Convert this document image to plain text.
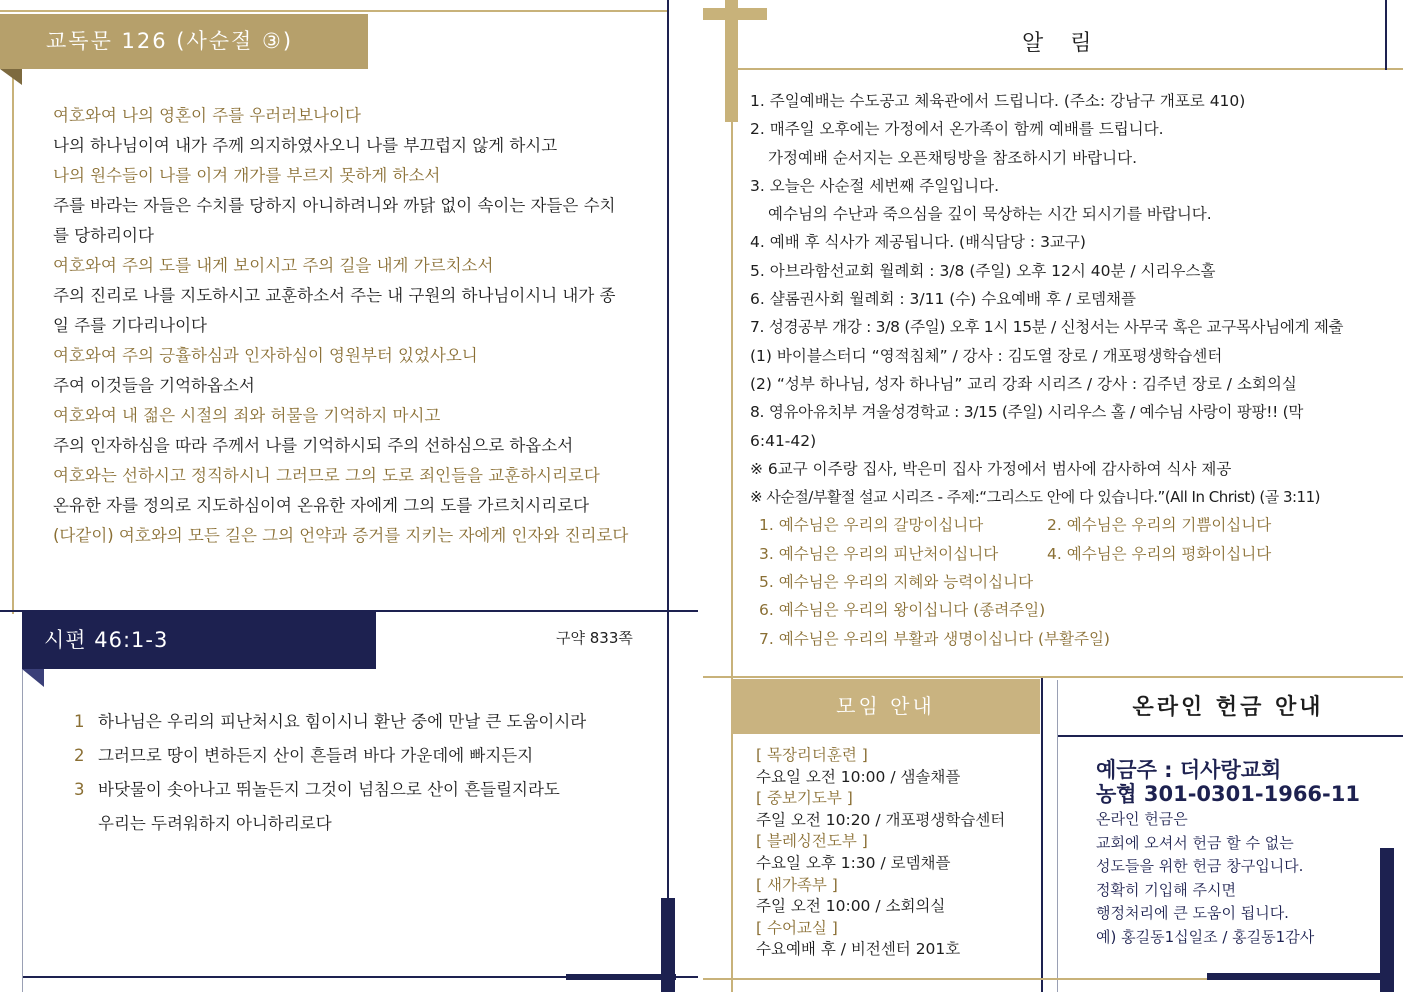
교독문 126 (사순절 ③)
여호와여 나의 영혼이 주를 우러러보나이다
나의 하나님이여 내가 주께 의지하였사오니 나를 부끄럽지 않게 하시고
나의 원수들이 나를 이겨 개가를 부르지 못하게 하소서
주를 바라는 자들은 수치를 당하지 아니하려니와 까닭 없이 속이는 자들은 수치
를 당하리이다
여호와여 주의 도를 내게 보이시고 주의 길을 내게 가르치소서
주의 진리로 나를 지도하시고 교훈하소서 주는 내 구원의 하나님이시니 내가 종
일 주를 기다리나이다
여호와여 주의 긍휼하심과 인자하심이 영원부터 있었사오니
주여 이것들을 기억하옵소서
여호와여 내 젊은 시절의 죄와 허물을 기억하지 마시고
주의 인자하심을 따라 주께서 나를 기억하시되 주의 선하심으로 하옵소서
여호와는 선하시고 정직하시니 그러므로 그의 도로 죄인들을 교훈하시리로다
온유한 자를 정의로 지도하심이여 온유한 자에게 그의 도를 가르치시리로다
(다같이) 여호와의 모든 길은 그의 언약과 증거를 지키는 자에게 인자와 진리로다
시편 46:1-3	구약 833쪽
1 하나님은 우리의 피난처시요 힘이시니 환난 중에 만날 큰 도움이시라
2 그러므로 땅이 변하든지 산이 흔들려 바다 가운데에 빠지든지
3 바닷물이 솟아나고 뛰놀든지 그것이 넘침으로 산이 흔들릴지라도
우리는 두려워하지 아니하리로다
알 림
1. 주일예배는 수도공고 체육관에서 드립니다. (주소: 강남구 개포로 410)
2. 매주일 오후에는 가정에서 온가족이 함께 예배를 드립니다.
가정예배 순서지는 오픈채팅방을 참조하시기 바랍니다.
3. 오늘은 사순절 세번째 주일입니다.
예수님의 수난과 죽으심을 깊이 묵상하는 시간 되시기를 바랍니다.
4. 예배 후 식사가 제공됩니다. (배식담당 : 3교구)
5. 아브라함선교회 월례회 : 3/8 (주일) 오후 12시 40분 / 시리우스홀
6. 샬롬권사회 월례회 : 3/11 (수) 수요예배 후 / 로뎀채플
7. 성경공부 개강 : 3/8 (주일) 오후 1시 15분 / 신청서는 사무국 혹은 교구목사님에게 제출
(1) 바이블스터디 “영적침체” / 강사 : 김도열 장로 / 개포평생학습센터
(2) “성부 하나님, 성자 하나님” 교리 강좌 시리즈 / 강사 : 김주년 장로 / 소회의실
8. 영유아유치부 겨울성경학교 : 3/15 (주일) 시리우스 홀 / 예수님 사랑이 팡팡!! (막
6:41-42)
※ 6교구 이주랑 집사, 박은미 집사 가정에서 범사에 감사하여 식사 제공
※ 사순절/부활절 설교 시리즈 - 주제:“그리스도 안에 다 있습니다.”(All In Christ) (골 3:11)
1. 예수님은 우리의 갈망이십니다	2. 예수님은 우리의 기쁨이십니다
3. 예수님은 우리의 피난처이십니다	4. 예수님은 우리의 평화이십니다
5. 예수님은 우리의 지혜와 능력이십니다
6. 예수님은 우리의 왕이십니다 (종려주일)
7. 예수님은 우리의 부활과 생명이십니다 (부활주일)
모임 안내
[ 목장리더훈련 ]
수요일 오전 10:00 / 샘솔채플
[ 중보기도부 ]
주일 오전 10:20 / 개포평생학습센터
[ 블레싱전도부 ]
수요일 오후 1:30 / 로뎀채플
[ 새가족부 ]
주일 오전 10:00 / 소회의실
[ 수어교실 ]
수요예배 후 / 비전센터 201호
온라인 헌금 안내
예금주 : 더사랑교회
농협 301-0301-1966-11
온라인 헌금은
교회에 오셔서 헌금 할 수 없는
성도들을 위한 헌금 창구입니다.
정확히 기입해 주시면
행정처리에 큰 도움이 됩니다.
예) 홍길동1십일조 / 홍길동1감사
